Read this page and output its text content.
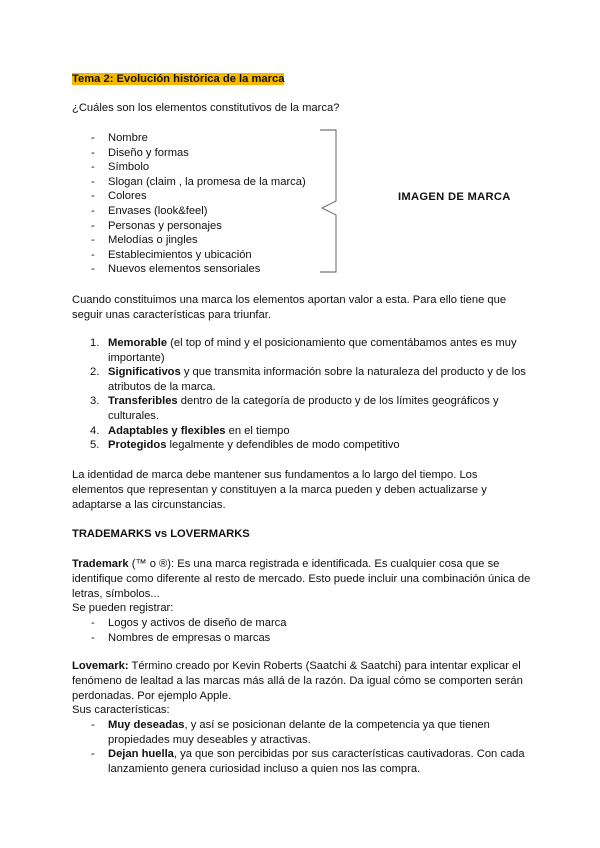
Tema 2: Evolución histórica de la marca
¿Cuáles son los elementos constitutivos de la marca?
- Nombre
- Diseño y formas
- Símbolo
- Slogan (claim , la promesa de la marca)
- Colores
- Envases (look&feel)
- Personas y personajes
- Melodías o jingles
- Establecimientos y ubicación
- Nuevos elementos sensoriales
IMAGEN DE MARCA
Cuando constituimos una marca los elementos aportan valor a esta. Para ello tiene que seguir unas características para triunfar.
1. Memorable (el top of mind y el posicionamiento que comentábamos antes es muy importante)
2. Significativos y que transmita información sobre la naturaleza del producto y de los atributos de la marca.
3. Transferibles dentro de la categoría de producto y de los límites geográficos y culturales.
4. Adaptables y flexibles en el tiempo
5. Protegidos legalmente y defendibles de modo competitivo
La identidad de marca debe mantener sus fundamentos a lo largo del tiempo. Los elementos que representan y constituyen a la marca pueden y deben actualizarse y adaptarse a las circunstancias.
TRADEMARKS vs LOVERMARKS
Trademark (™ o ®): Es una marca registrada e identificada. Es cualquier cosa que se identifique como diferente al resto de mercado. Esto puede incluir una combinación única de letras, símbolos...
Se pueden registrar:
- Logos y activos de diseño de marca
- Nombres de empresas o marcas
Lovemark: Término creado por Kevin Roberts (Saatchi & Saatchi) para intentar explicar el fenómeno de lealtad a las marcas más allá de la razón. Da igual cómo se comporten serán perdonadas. Por ejemplo Apple.
Sus características:
- Muy deseadas, y así se posicionan delante de la competencia ya que tienen propiedades muy deseables y atractivas.
- Dejan huella, ya que son percibidas por sus características cautivadoras. Con cada lanzamiento genera curiosidad incluso a quien nos las compra.
